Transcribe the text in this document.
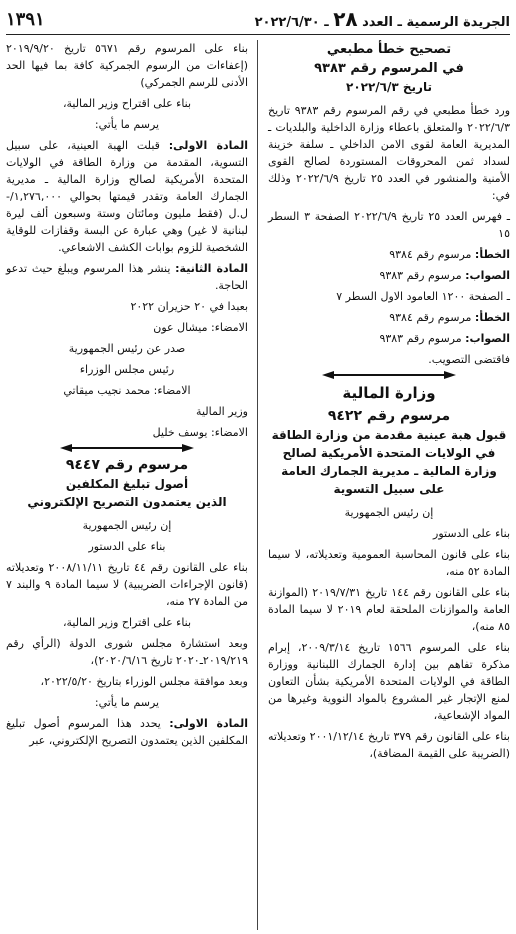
الجريدة الرسمية ـ العدد ٢٨ ـ ٢٠٢٢/٦/٣٠
١٣٩١

تصحيح خطأ مطبعي

في المرسوم رقم ٩٣٨٣

تاريخ ٢٠٢٢/٦/٣

ورد خطأ مطبعي في رقم المرسوم رقم ٩٣٨٣ تاريخ ٢٠٢٢/٦/٣ والمتعلق باعطاء وزارة الداخلية والبلديات ـ المديرية العامة لقوى الامن الداخلي ـ سلفة خزينة لسداد ثمن المحروقات المستوردة لصالح القوى الأمنية والمنشور في العدد ٢٥ تاريخ ٢٠٢٢/٦/٩ وذلك في:

ـ فهرس العدد ٢٥ تاريخ ٢٠٢٢/٦/٩ الصفحة ٣ السطر ١٥

الخطأ: مرسوم رقم ٩٣٨٤

الصواب: مرسوم رقم ٩٣٨٣

ـ الصفحة ١٢٠٠ العامود الاول السطر ٧

الخطأ: مرسوم رقم ٩٣٨٤

الصواب: مرسوم رقم ٩٣٨٣

فاقتضى التصويب.

وزارة المالية

مرسوم رقم ٩٤٢٢

قبول هبة عينية مقدمة من وزارة الطاقة في الولايات المتحدة الأمريكية لصالح وزارة المالية ـ مديرية الجمارك العامة على سبيل التسوية

إن رئيس الجمهورية

بناء على الدستور

بناء على قانون المحاسبة العمومية وتعديلاته، لا سيما المادة ٥٢ منه،

بناء على القانون رقم ١٤٤ تاريخ ٢٠١٩/٧/٣١ (الموازنة العامة والموازنات الملحقة لعام ٢٠١٩ لا سيما المادة ٨٥ منه)،

بناء على المرسوم ١٥٦٦ تاريخ ٢٠٠٩/٣/١٤، إبرام مذكرة تفاهم بين إدارة الجمارك اللبنانية ووزارة الطاقة في الولايات المتحدة الأمريكية بشأن التعاون لمنع الإتجار غير المشروع بالمواد النووية وغيرها من المواد الإشعاعية،

بناء على القانون رقم ٣٧٩ تاريخ ٢٠٠١/١٢/١٤ وتعديلاته (الضريبة على القيمة المضافة)،

بناء على المرسوم رقم ٥٦٧١ تاريخ ٢٠١٩/٩/٢٠ (إعفاءات من الرسوم الجمركية كافة بما فيها الحد الأدنى للرسم الجمركي)

بناء على اقتراح وزير المالية،

يرسم ما يأتي:

المادة الاولى: قبلت الهبة العينية، على سبيل التسوية، المقدمة من وزارة الطاقة في الولايات المتحدة الأمريكية لصالح وزارة المالية ـ مديرية الجمارك العامة وتقدر قيمتها بحوالي ١,٢٧٦,٠٠٠/- ل.ل (فقط مليون ومائتان وستة وسبعون ألف ليرة لبنانية لا غير) وهي عبارة عن البسة وقفازات للوقاية الشخصية للزوم بوابات الكشف الاشعاعي.

المادة الثانية: ينشر هذا المرسوم ويبلغ حيث تدعو الحاجة.

بعبدا في ٢٠ حزيران ٢٠٢٢

الامضاء: ميشال عون

صدر عن رئيس الجمهورية

رئيس مجلس الوزراء

الامضاء: محمد نجيب ميقاتي

وزير المالية

الامضاء: يوسف خليل

مرسوم رقم ٩٤٤٧

أصول تبليغ المكلفين

الذين يعتمدون التصريح الإلكتروني

إن رئيس الجمهورية

بناء على الدستور

بناء على القانون رقم ٤٤ تاريخ ٢٠٠٨/١١/١١ وتعديلاته (قانون الإجراءات الضريبية) لا سيما المادة ٩ والبند ٧ من المادة ٢٧ منه،

بناء على اقتراح وزير المالية،

وبعد استشارة مجلس شورى الدولة (الرأي رقم ٢٠١٩/٢١٩ـ٢٠٢٠ تاريخ ٢٠٢٠/٦/١٦)،

وبعد موافقة مجلس الوزراء بتاريخ ٢٠٢٢/٥/٢٠،

يرسم ما يأتي:

المادة الاولى: يحدد هذا المرسوم أصول تبليغ المكلفين الذين يعتمدون التصريح الإلكتروني، عبر
